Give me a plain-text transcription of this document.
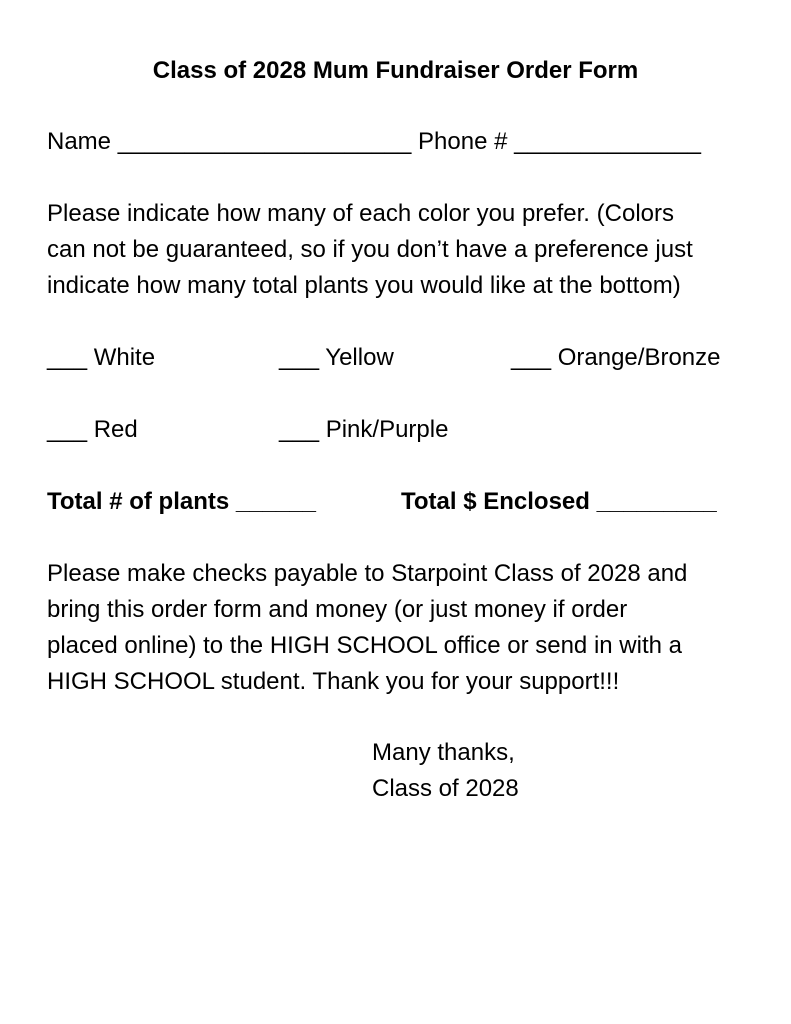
Class of 2028 Mum Fundraiser Order Form
Name ______________________ Phone # ______________
Please indicate how many of each color you prefer. (Colors
can not be guaranteed, so if you don’t have a preference just
indicate how many total plants you would like at the bottom)
___ White	___ Yellow	___ Orange/Bronze
___ Red	___ Pink/Purple
Total # of plants ______	Total $ Enclosed _________
Please make checks payable to Starpoint Class of 2028 and
bring this order form and money (or just money if order
placed online) to the HIGH SCHOOL office or send in with a
HIGH SCHOOL student. Thank you for your support!!!
Many thanks,
Class of 2028
